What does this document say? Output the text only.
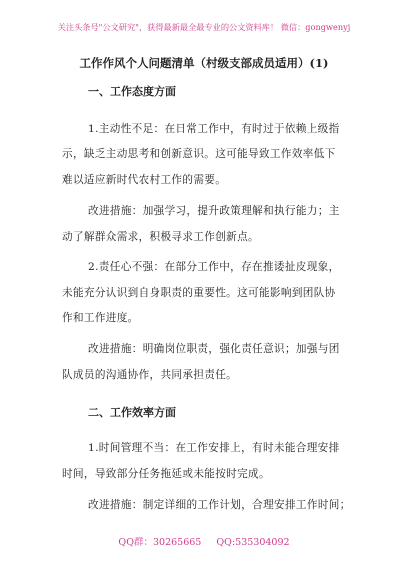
关注头条号"公文研究"，获得最新最全最专业的公文资料库！ 微信：gongwenyj
工作作风个人问题清单（村级支部成员适用）(1)
一、工作态度方面
1.主动性不足：在日常工作中，有时过于依赖上级指
示，缺乏主动思考和创新意识。这可能导致工作效率低下
难以适应新时代农村工作的需要。
改进措施：加强学习，提升政策理解和执行能力；主
动了解群众需求，积极寻求工作创新点。
2.责任心不强：在部分工作中，存在推诿扯皮现象，
未能充分认识到自身职责的重要性。这可能影响到团队协
作和工作进度。
改进措施：明确岗位职责，强化责任意识；加强与团
队成员的沟通协作，共同承担责任。
二、工作效率方面
1.时间管理不当：在工作安排上，有时未能合理安排
时间，导致部分任务拖延或未能按时完成。
改进措施：制定详细的工作计划，合理安排工作时间；
QQ群：30265665 QQ:535304092
